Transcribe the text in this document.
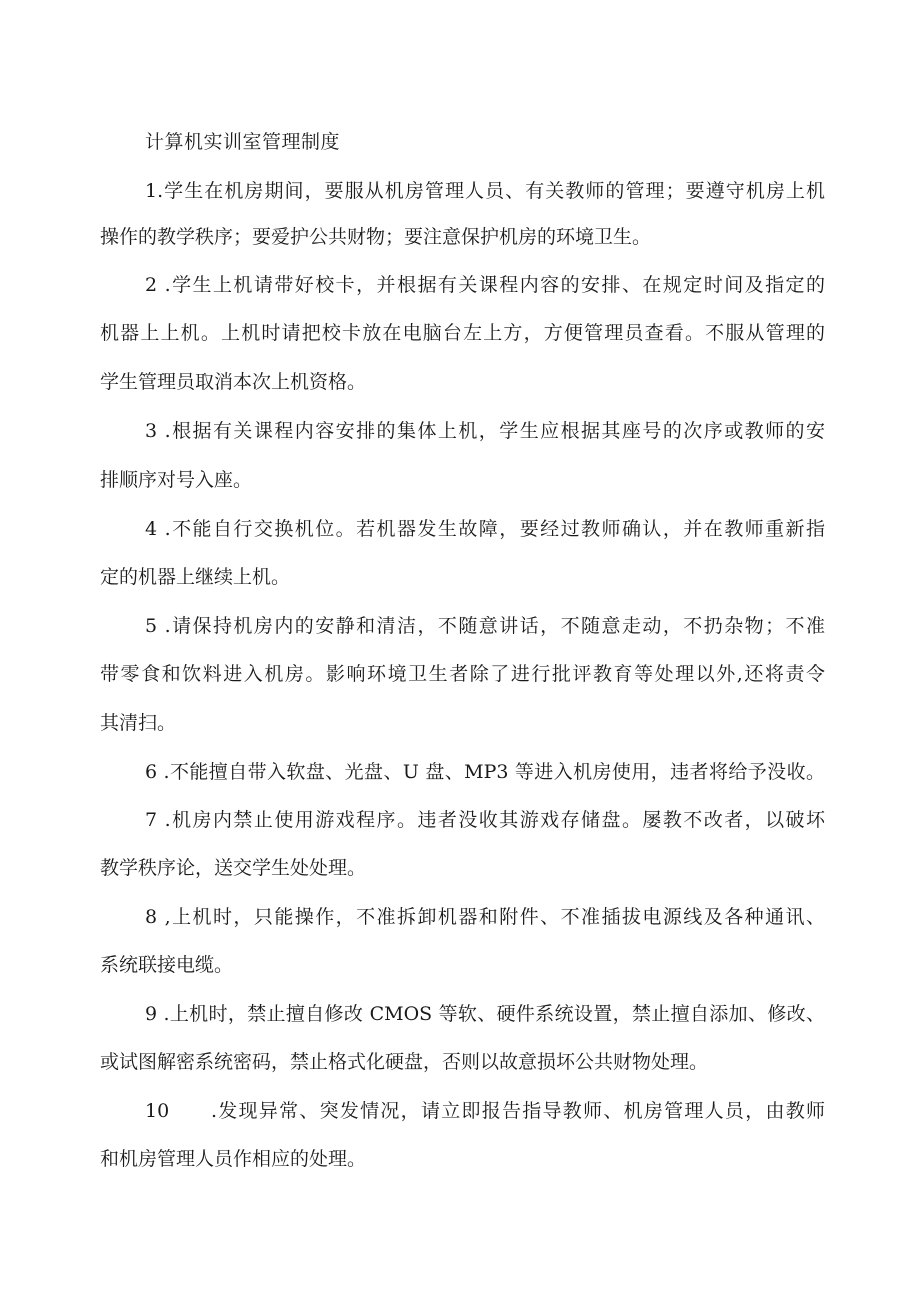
计算机实训室管理制度
1.学生在机房期间，要服从机房管理人员、有关教师的管理；要遵守机房上机
操作的教学秩序；要爱护公共财物；要注意保护机房的环境卫生。
2 .学生上机请带好校卡，并根据有关课程内容的安排、在规定时间及指定的
机器上上机。上机时请把校卡放在电脑台左上方，方便管理员查看。不服从管理的
学生管理员取消本次上机资格。
3 .根据有关课程内容安排的集体上机，学生应根据其座号的次序或教师的安
排顺序对号入座。
4 .不能自行交换机位。若机器发生故障，要经过教师确认，并在教师重新指
定的机器上继续上机。
5 .请保持机房内的安静和清洁，不随意讲话，不随意走动，不扔杂物；不准
带零食和饮料进入机房。影响环境卫生者除了进行批评教育等处理以外,还将责令
其清扫。
6 .不能擅自带入软盘、光盘、U 盘、MP3 等进入机房使用，违者将给予没收。
7 .机房内禁止使用游戏程序。违者没收其游戏存储盘。屡教不改者，以破坏
教学秩序论，送交学生处处理。
8 ,上机时，只能操作，不准拆卸机器和附件、不准插拔电源线及各种通讯、
系统联接电缆。
9 .上机时，禁止擅自修改 CMOS 等软、硬件系统设置，禁止擅自添加、修改、
或试图解密系统密码，禁止格式化硬盘，否则以故意损坏公共财物处理。
10　　.发现异常、突发情况，请立即报告指导教师、机房管理人员，由教师
和机房管理人员作相应的处理。
